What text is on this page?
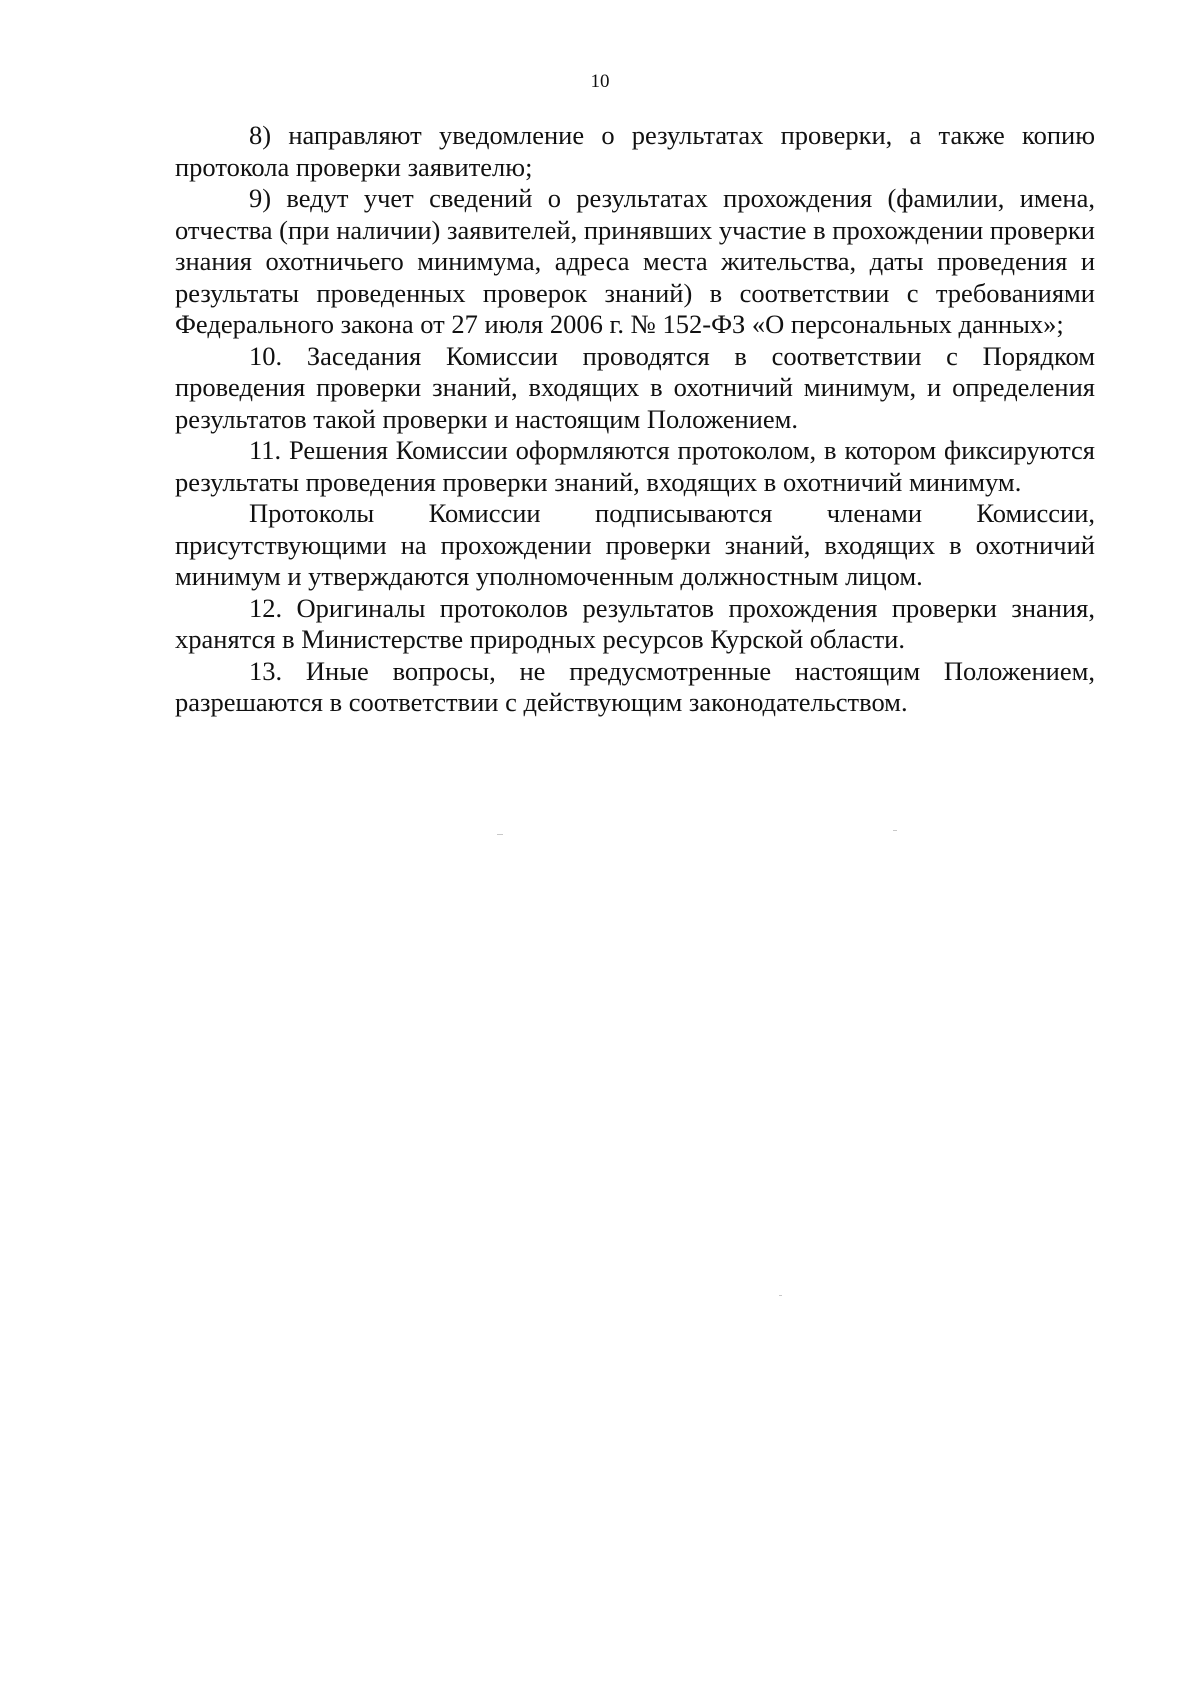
10

8) направляют уведомление о результатах проверки, а также копию протокола проверки заявителю;

9) ведут учет сведений о результатах прохождения (фамилии, имена, отчества (при наличии) заявителей, принявших участие в прохождении проверки знания охотничьего минимума, адреса места жительства, даты проведения и результаты проведенных проверок знаний) в соответствии с требованиями Федерального закона от 27 июля 2006 г. № 152-ФЗ «О персональных данных»;

10. Заседания Комиссии проводятся в соответствии с Порядком проведения проверки знаний, входящих в охотничий минимум, и определения результатов такой проверки и настоящим Положением.

11. Решения Комиссии оформляются протоколом, в котором фиксируются результаты проведения проверки знаний, входящих в охотничий минимум.

Протоколы Комиссии подписываются членами Комиссии, присутствующими на прохождении проверки знаний, входящих в охотничий минимум и утверждаются уполномоченным должностным лицом.

12. Оригиналы протоколов результатов прохождения проверки знания, хранятся в Министерстве природных ресурсов Курской области.

13. Иные вопросы, не предусмотренные настоящим Положением, разрешаются в соответствии с действующим законодательством.
